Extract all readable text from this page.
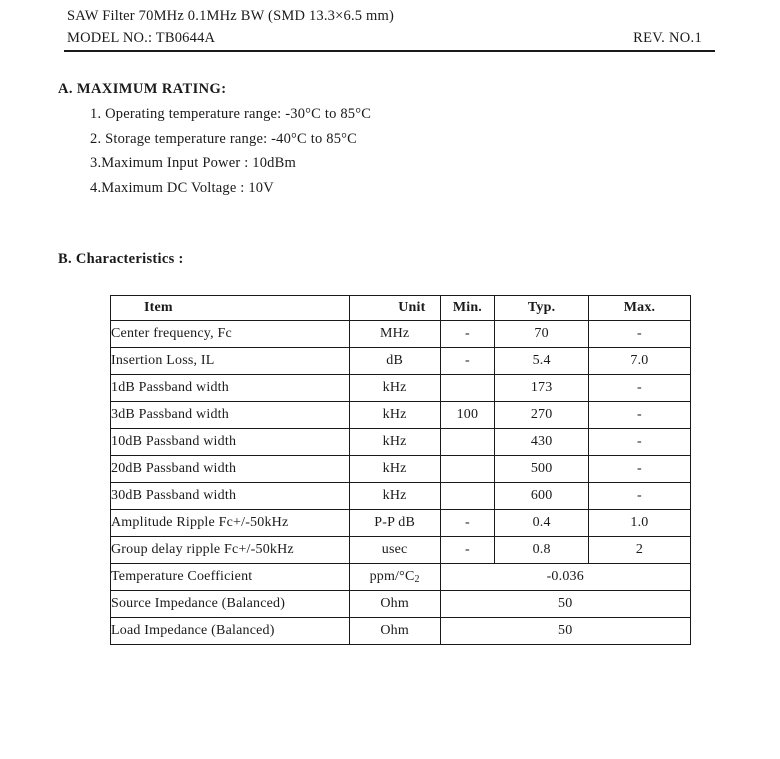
SAW Filter 70MHz 0.1MHz BW (SMD 13.3×6.5 mm)
MODEL NO.: TB0644A	REV. NO.1
A. MAXIMUM RATING:
1. Operating temperature range: -30°C to 85°C
2. Storage temperature range: -40°C to 85°C
3.Maximum Input Power : 10dBm
4.Maximum DC Voltage : 10V
B. Characteristics :
Item	Unit	Min.	Typ.	Max.
Center frequency, Fc	MHz	-	70	-
Insertion Loss, IL	dB	-	5.4	7.0
1dB Passband width	kHz		173	-
3dB Passband width	kHz	100	270	-
10dB Passband width	kHz		430	-
20dB Passband width	kHz		500	-
30dB Passband width	kHz		600	-
Amplitude Ripple Fc+/-50kHz	P-P dB	-	0.4	1.0
Group delay ripple Fc+/-50kHz	usec	-	0.8	2
Temperature Coefficient	ppm/$^\circ C_2$	-0.036		
Source Impedance (Balanced)	Ohm	50		
Load Impedance (Balanced)	Ohm	50		
